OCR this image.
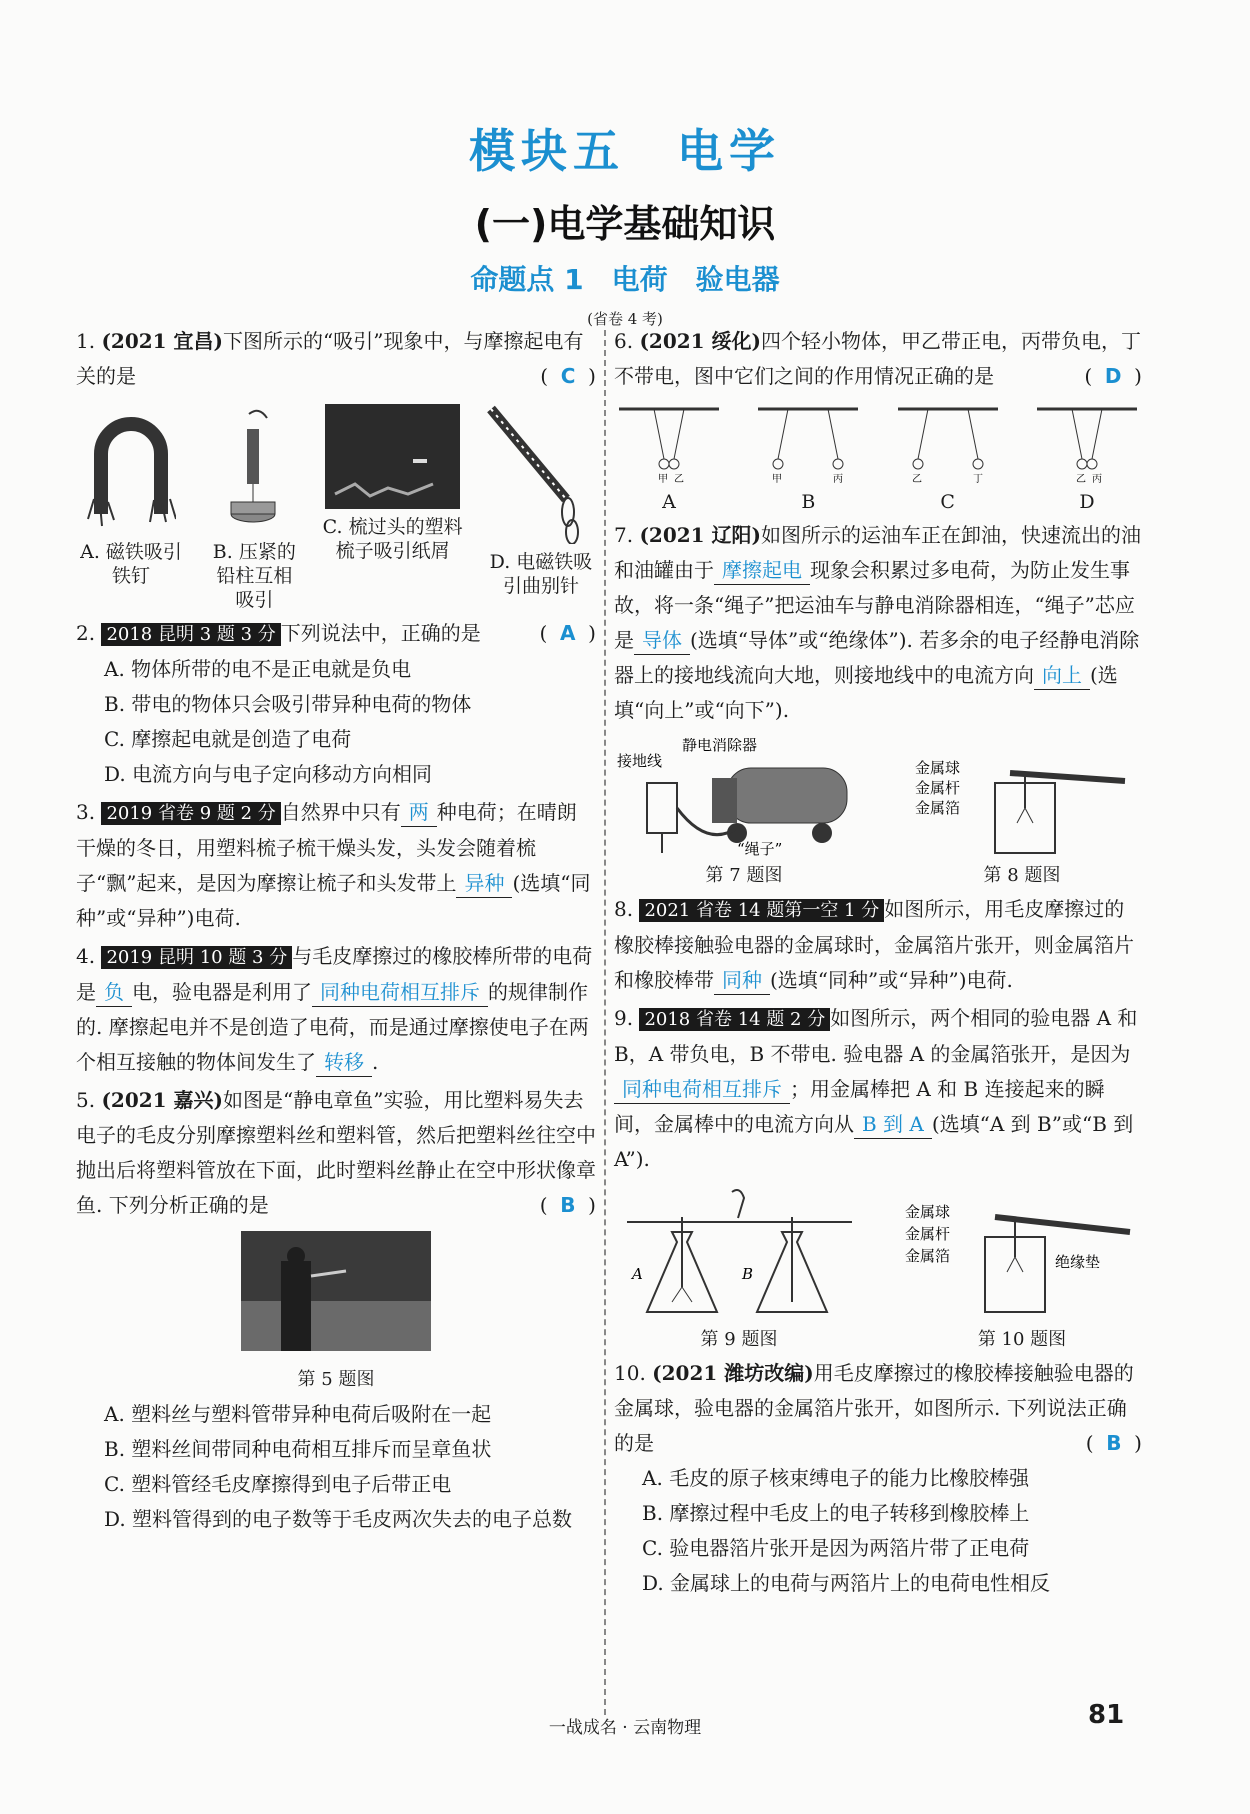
模块五　电学
(一)电学基础知识
命题点 1　电荷　验电器
(省卷 4 考)
1. (2021 宜昌)下图所示的“吸引”现象中，与摩擦起电有关的是	(  C  )
A. 磁铁吸引铁钉
B. 压紧的铅柱互相吸引
C. 梳过头的塑料梳子吸引纸屑	D. 电磁铁吸引曲别针
2. 2018 昆明 3 题 3 分 下列说法中，正确的是	(  A  )
A. 物体所带的电不是正电就是负电
B. 带电的物体只会吸引带异种电荷的物体
C. 摩擦起电就是创造了电荷
D. 电流方向与电子定向移动方向相同
3. 2019 省卷 9 题 2 分 自然界中只有 两 种电荷；在晴朗干燥的冬日，用塑料梳子梳干燥头发，头发会随着梳子“飘”起来，是因为摩擦让梳子和头发带上 异种 (选填“同种”或“异种”)电荷.
4. 2019 昆明 10 题 3 分 与毛皮摩擦过的橡胶棒所带的电荷是 负 电，验电器是利用了 同种电荷相互排斥 的规律制作的. 摩擦起电并不是创造了电荷，而是通过摩擦使电子在两个相互接触的物体间发生了 转移 .
5. (2021 嘉兴)如图是“静电章鱼”实验，用比塑料易失去电子的毛皮分别摩擦塑料丝和塑料管，然后把塑料丝往空中抛出后将塑料管放在下面，此时塑料丝静止在空中形状像章鱼. 下列分析正确的是	(  B  )
第 5 题图
A. 塑料丝与塑料管带异种电荷后吸附在一起
B. 塑料丝间带同种电荷相互排斥而呈章鱼状
C. 塑料管经毛皮摩擦得到电子后带正电
D. 塑料管得到的电子数等于毛皮两次失去的电子总数
6. (2021 绥化)四个轻小物体，甲乙带正电，丙带负电，丁不带电，图中它们之间的作用情况正确的是	(  D  )
甲 乙
A
甲	丙
B
乙	丁
C
乙 丙
D
7. (2021 辽阳)如图所示的运油车正在卸油，快速流出的油和油罐由于 摩擦起电 现象会积累过多电荷，为防止发生事故，将一条“绳子”把运油车与静电消除器相连，“绳子”芯应是 导体 (选填“导体”或“绝缘体”). 若多余的电子经静电消除器上的接地线流向大地，则接地线中的电流方向 向上 (选填“向上”或“向下”).
接地线
静电消除器
“绳子”
第 7 题图
金属球
金属杆
金属箔
第 8 题图
8. 2021 省卷 14 题第一空 1 分 如图所示，用毛皮摩擦过的橡胶棒接触验电器的金属球时，金属箔片张开，则金属箔片和橡胶棒带 同种 (选填“同种”或“异种”)电荷.
9. 2018 省卷 14 题 2 分 如图所示，两个相同的验电器 A 和 B，A 带负电，B 不带电. 验电器 A 的金属箔张开，是因为同种电荷相互排斥 ；用金属棒把 A 和 B 连接起来的瞬间，金属棒中的电流方向从 B 到 A (选填“A 到 B”或“B 到 A”).
A	B
第 9 题图
金属球
金属杆
金属箔	绝缘垫
第 10 题图
10. (2021 潍坊改编)用毛皮摩擦过的橡胶棒接触验电器的金属球，验电器的金属箔片张开，如图所示. 下列说法正确的是	(  B  )
A. 毛皮的原子核束缚电子的能力比橡胶棒强
B. 摩擦过程中毛皮上的电子转移到橡胶棒上
C. 验电器箔片张开是因为两箔片带了正电荷
D. 金属球上的电荷与两箔片上的电荷电性相反
一战成名 · 云南物理	81
